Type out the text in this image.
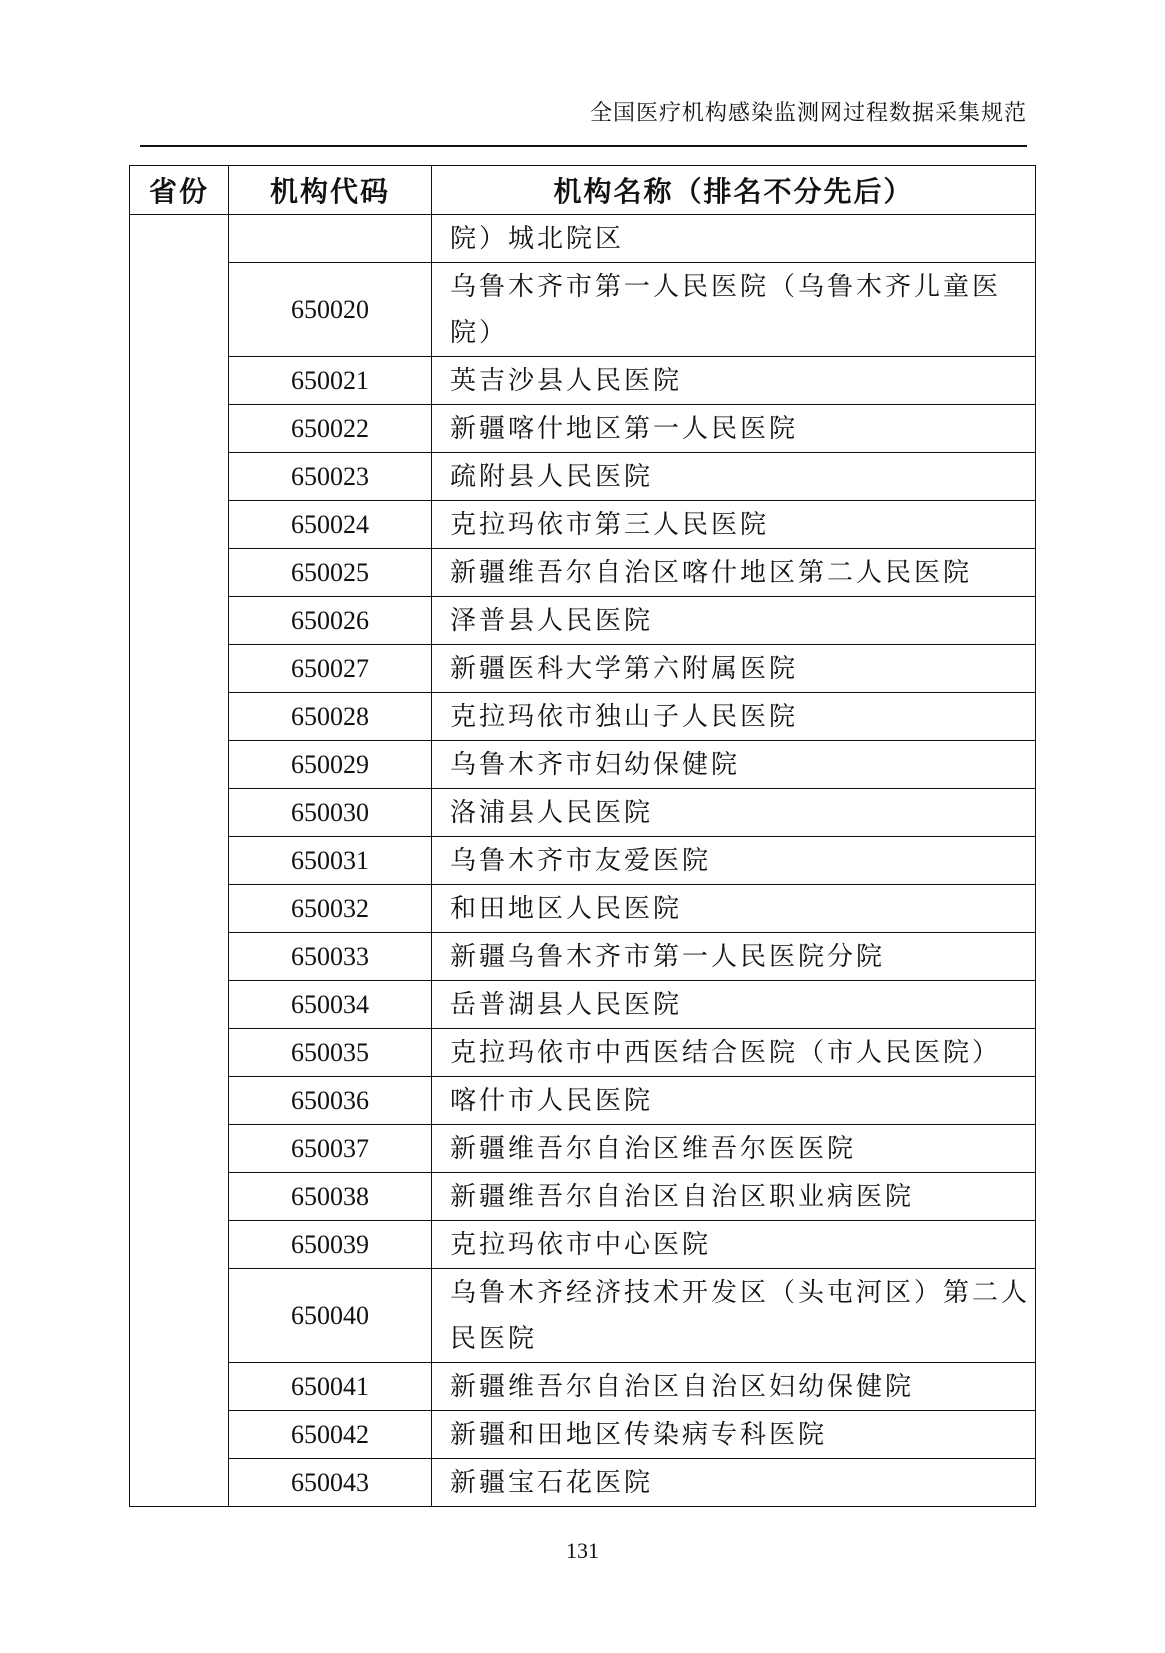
全国医疗机构感染监测网过程数据采集规范
省份	机构代码	机构名称（排名不分先后）
		院）城北院区
	650020	乌鲁木齐市第一人民医院（乌鲁木齐儿童医院）
	650021	英吉沙县人民医院
	650022	新疆喀什地区第一人民医院
	650023	疏附县人民医院
	650024	克拉玛依市第三人民医院
	650025	新疆维吾尔自治区喀什地区第二人民医院
	650026	泽普县人民医院
	650027	新疆医科大学第六附属医院
	650028	克拉玛依市独山子人民医院
	650029	乌鲁木齐市妇幼保健院
	650030	洛浦县人民医院
	650031	乌鲁木齐市友爱医院
	650032	和田地区人民医院
	650033	新疆乌鲁木齐市第一人民医院分院
	650034	岳普湖县人民医院
	650035	克拉玛依市中西医结合医院（市人民医院）
	650036	喀什市人民医院
	650037	新疆维吾尔自治区维吾尔医医院
	650038	新疆维吾尔自治区自治区职业病医院
	650039	克拉玛依市中心医院
	650040	乌鲁木齐经济技术开发区（头屯河区）第二人民医院
	650041	新疆维吾尔自治区自治区妇幼保健院
	650042	新疆和田地区传染病专科医院
	650043	新疆宝石花医院
131
